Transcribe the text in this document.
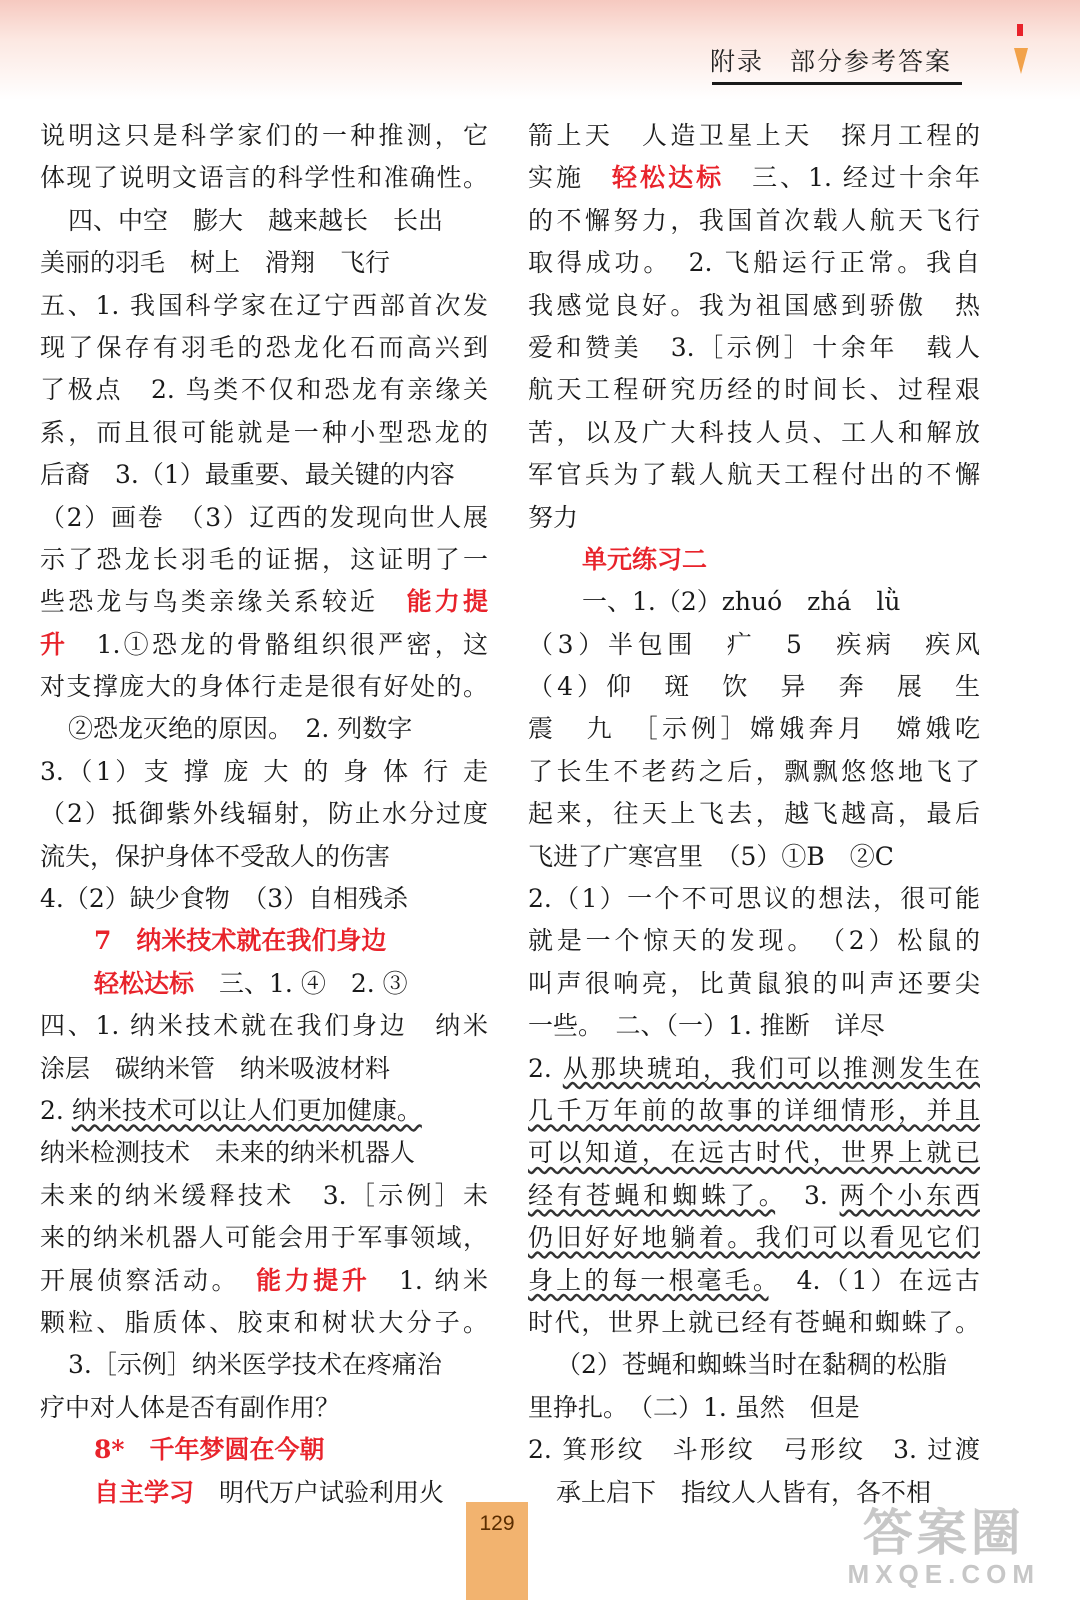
附录 部分参考答案
说明这只是科学家们的一种推测，它
体现了说明文语言的科学性和准确性。
四、中空　膨大　越来越长　长出
美丽的羽毛　树上　滑翔　飞行
五、1. 我国科学家在辽宁西部首次发
现了保存有羽毛的恐龙化石而高兴到
了极点　2. 鸟类不仅和恐龙有亲缘关
系，而且很可能就是一种小型恐龙的
后裔　3.（1）最重要、最关键的内容
（2）画卷　（3）辽西的发现向世人展
示了恐龙长羽毛的证据，这证明了一
些恐龙与鸟类亲缘关系较近　能力提
升　1.①恐龙的骨骼组织很严密，这
对支撑庞大的身体行走是很有好处的。
②恐龙灭绝的原因。　2. 列数字
3.（1）支 撑 庞 大 的 身 体 行 走
（2）抵御紫外线辐射，防止水分过度
流失，保护身体不受敌人的伤害
4.（2）缺少食物　（3）自相残杀
7　纳米技术就在我们身边
轻松达标　三、1. ④　2. ③
四、1. 纳米技术就在我们身边　纳米
涂层　碳纳米管　纳米吸波材料
2. 纳米技术可以让人们更加健康。
纳米检测技术　未来的纳米机器人
未来的纳米缓释技术　3.［示例］未
来的纳米机器人可能会用于军事领域，
开展侦察活动。　能力提升　1. 纳米
颗粒、脂质体、胶束和树状大分子。
3.［示例］纳米医学技术在疼痛治
疗中对人体是否有副作用？
8*　千年梦圆在今朝
自主学习　明代万户试验利用火
箭上天　人造卫星上天　探月工程的
实施　轻松达标　三、1. 经过十余年
的不懈努力，我国首次载人航天飞行
取得成功。　2. 飞船运行正常。我自
我感觉良好。我为祖国感到骄傲　热
爱和赞美　3.［示例］十余年　载人
航天工程研究历经的时间长、过程艰
苦，以及广大科技人员、工人和解放
军官兵为了载人航天工程付出的不懈
努力
单元练习二
一、1.（2）zhuó　zhá　lǜ
（3）半包围　疒　5　疾病　疾风
（4）仰　斑　饮　异　奔　展　生
震　九　［示例］嫦娥奔月　嫦娥吃
了长生不老药之后，飘飘悠悠地飞了
起来，往天上飞去，越飞越高，最后
飞进了广寒宫里　（5）①B　②C
2.（1）一个不可思议的想法，很可能
就是一个惊天的发现。　（2）松鼠的
叫声很响亮，比黄鼠狼的叫声还要尖
一些。　二、（一）1. 推断　详尽
2. 从那块琥珀，我们可以推测发生在
几千万年前的故事的详细情形，并且
可以知道，在远古时代，世界上就已
经有苍蝇和蜘蛛了。　3. 两个小东西
仍旧好好地躺着。我们可以看见它们
身上的每一根毫毛。　4.（1）在远古
时代，世界上就已经有苍蝇和蜘蛛了。
（2）苍蝇和蜘蛛当时在黏稠的松脂
里挣扎。　（二）1. 虽然　但是
2. 箕形纹　斗形纹　弓形纹　3. 过渡
承上启下　指纹人人皆有，各不相
129	答案圈
MXQE.COM
